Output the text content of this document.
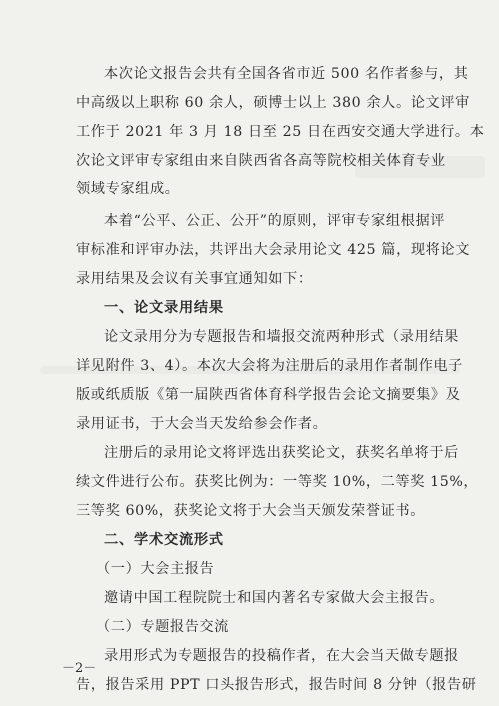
本次论文报告会共有全国各省市近 500 名作者参与，其
中高级以上职称 60 余人，硕博士以上 380 余人。论文评审
工作于 2021 年 3 月 18 日至 25 日在西安交通大学进行。本
次论文评审专家组由来自陕西省各高等院校相关体育专业
领域专家组成。
本着“公平、公正、公开”的原则，评审专家组根据评
审标准和评审办法，共评出大会录用论文 425 篇，现将论文
录用结果及会议有关事宜通知如下：
一、论文录用结果
论文录用分为专题报告和墙报交流两种形式（录用结果
详见附件 3、4）。本次大会将为注册后的录用作者制作电子
版或纸质版《第一届陕西省体育科学报告会论文摘要集》及
录用证书，于大会当天发给参会作者。
注册后的录用论文将评选出获奖论文，获奖名单将于后
续文件进行公布。获奖比例为：一等奖 10%，二等奖 15%，
三等奖 60%，获奖论文将于大会当天颁发荣誉证书。
二、学术交流形式
（一）大会主报告
邀请中国工程院院士和国内著名专家做大会主报告。
（二）专题报告交流
录用形式为专题报告的投稿作者，在大会当天做专题报
告，报告采用 PPT 口头报告形式，报告时间 8 分钟（报告研
－2－
